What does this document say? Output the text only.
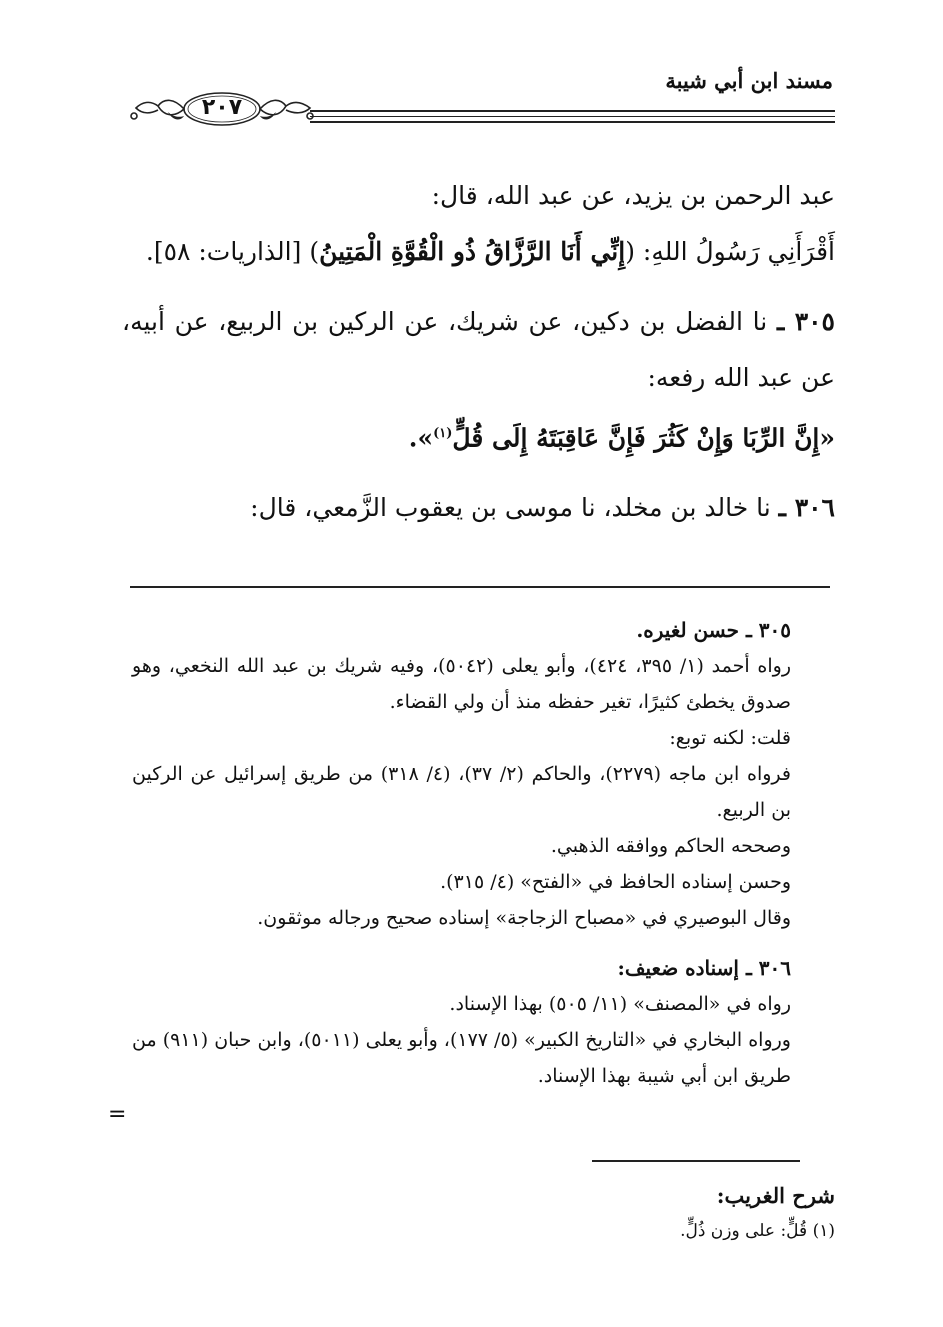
مسند ابن أبي شيبة
٢٠٧

عبد الرحمن بن يزيد، عن عبد الله، قال:

أَقْرَأَنِي رَسُولُ اللهِ: (إِنِّي أَنَا الرَّزَّاقُ ذُو الْقُوَّةِ الْمَتِينُ) [الذاريات: ٥٨].

٣٠٥ ـ نا الفضل بن دكين، عن شريك، عن الركين بن الربيع، عن أبيه، عن عبد الله رفعه:

«إِنَّ الرِّبَا وَإِنْ كَثُرَ فَإِنَّ عَاقِبَتَهُ إِلَى قُلٍّ$^{(١)}$».

٣٠٦ ـ نا خالد بن مخلد، نا موسى بن يعقوب الزَّمعي، قال:

٣٠٥ ـ حسن لغيره.

رواه أحمد (١/ ٣٩٥، ٤٢٤)، وأبو يعلى (٥٠٤٢)، وفيه شريك بن عبد الله النخعي، وهو صدوق يخطئ كثيرًا، تغير حفظه منذ أن ولي القضاء.

قلت: لكنه توبع:

فرواه ابن ماجه (٢٢٧٩)، والحاكم (٢/ ٣٧)، (٤/ ٣١٨) من طريق إسرائيل عن الركين بن الربيع.

وصححه الحاكم ووافقه الذهبي.

وحسن إسناده الحافظ في «الفتح» (٤/ ٣١٥).

وقال البوصيري في «مصباح الزجاجة» إسناده صحيح ورجاله موثقون.

٣٠٦ ـ إسناده ضعيف:

رواه في «المصنف» (١١/ ٥٠٥) بهذا الإسناد.

ورواه البخاري في «التاريخ الكبير» (٥/ ١٧٧)، وأبو يعلى (٥٠١١)، وابن حبان (٩١١) من طريق ابن أبي شيبة بهذا الإسناد.

=
شرح الغريب:
(١) قُلٍّ: على وزن ذُلٍّ.
